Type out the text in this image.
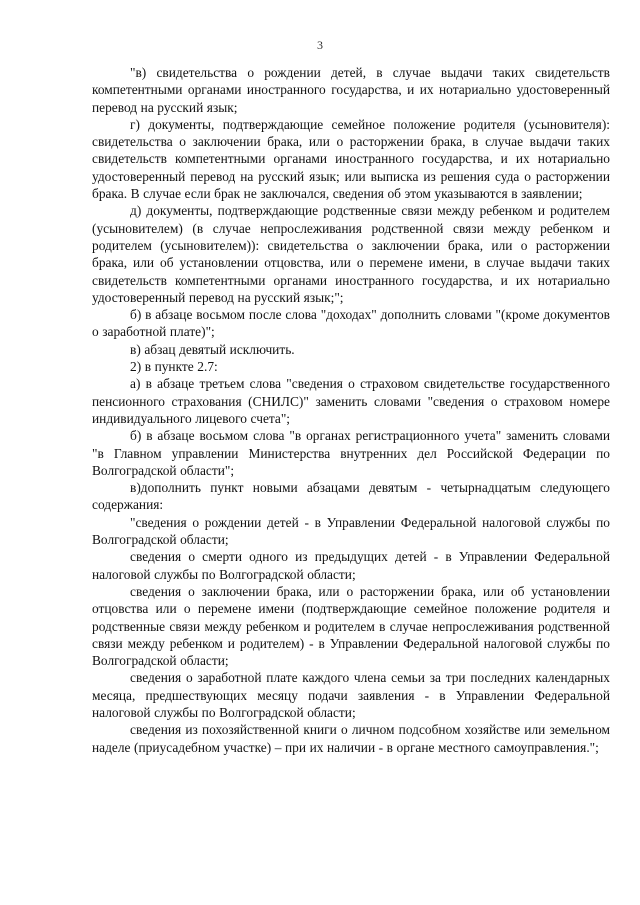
3

"в) свидетельства о рождении детей, в случае выдачи таких свидетельств компетентными органами иностранного государства, и их нотариально удостоверенный перевод на русский язык;

г) документы, подтверждающие семейное положение родителя (усыновителя): свидетельства о заключении брака, или о расторжении брака, в случае выдачи таких свидетельств компетентными органами иностранного государства, и их нотариально удостоверенный перевод на русский язык; или выписка из решения суда о расторжении брака. В случае если брак не заключался, сведения об этом указываются в заявлении;

д) документы, подтверждающие родственные связи между ребенком и родителем (усыновителем) (в случае непрослеживания родственной связи между ребенком и родителем (усыновителем)): свидетельства о заключении брака, или о расторжении брака, или об установлении отцовства, или о перемене имени, в случае выдачи таких свидетельств компетентными органами иностранного государства, и их нотариально удостоверенный перевод на русский язык;";

б) в абзаце восьмом после слова "доходах" дополнить словами "(кроме документов о заработной плате)";

в) абзац девятый исключить.

2) в пункте 2.7:

а) в абзаце третьем слова "сведения о страховом свидетельстве государственного пенсионного страхования (СНИЛС)" заменить словами "сведения о страховом номере индивидуального лицевого счета";

б) в абзаце восьмом слова "в органах регистрационного учета" заменить словами "в Главном управлении Министерства внутренних дел Российской Федерации по Волгоградской области";

в)дополнить пункт новыми абзацами девятым - четырнадцатым следующего содержания:

"сведения о рождении детей - в Управлении Федеральной налоговой службы по Волгоградской области;

сведения о смерти одного из предыдущих детей - в Управлении Федеральной налоговой службы по Волгоградской области;

сведения о заключении брака, или о расторжении брака, или об установлении отцовства или о перемене имени (подтверждающие семейное положение родителя и родственные связи между ребенком и родителем в случае непрослеживания родственной связи между ребенком и родителем) - в Управлении Федеральной налоговой службы по Волгоградской области;

сведения о заработной плате каждого члена семьи за три последних календарных месяца, предшествующих месяцу подачи заявления - в Управлении Федеральной налоговой службы по Волгоградской области;

сведения из похозяйственной книги о личном подсобном хозяйстве или земельном наделе (приусадебном участке) – при их наличии - в органе местного самоуправления.";
